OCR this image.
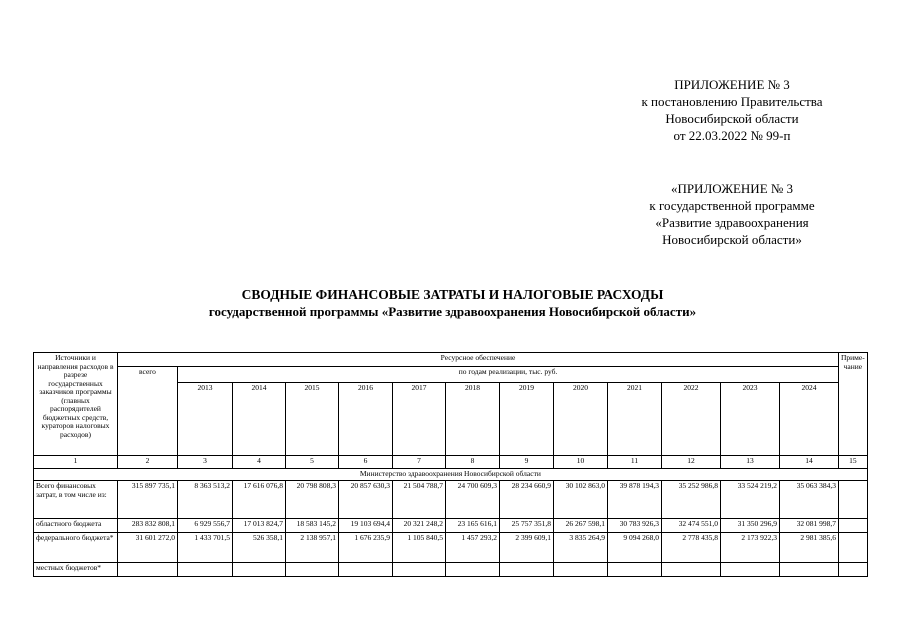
ПРИЛОЖЕНИЕ № 3
к постановлению Правительства
Новосибирской области
от 22.03.2022 № 99-п
«ПРИЛОЖЕНИЕ № 3
к государственной программе
«Развитие здравоохранения
Новосибирской области»
СВОДНЫЕ ФИНАНСОВЫЕ ЗАТРАТЫ И НАЛОГОВЫЕ РАСХОДЫ
государственной программы «Развитие здравоохранения Новосибирской области»
Источники и направления расходов в разрезе государственных заказчиков программы (главных распорядителей бюджетных средств, кураторов налоговых расходов)	Ресурсное обеспечение													Приме-чание
	всего	по годам реализации, тыс. руб.												
		2013	2014	2015	2016	2017	2018	2019	2020	2021	2022	2023	2024	
1	2	3	4	5	6	7	8	9	10	11	12	13	14	15
Министерство здравоохранения Новосибирской области														
Всего финансовых затрат, в том числе из:	315 897 735,1	8 363 513,2	17 616 076,8	20 798 808,3	20 857 630,3	21 504 788,7	24 700 609,3	28 234 660,9	30 102 863,0	39 878 194,3	35 252 986,8	33 524 219,2	35 063 384,3	
областного бюджета	283 832 808,1	6 929 556,7	17 013 824,7	18 583 145,2	19 103 694,4	20 321 248,2	23 165 616,1	25 757 351,8	26 267 598,1	30 783 926,3	32 474 551,0	31 350 296,9	32 081 998,7	
федерального бюджета*	31 601 272,0	1 433 701,5	526 358,1	2 138 957,1	1 676 235,9	1 105 840,5	1 457 293,2	2 399 609,1	3 835 264,9	9 094 268,0	2 778 435,8	2 173 922,3	2 981 385,6	
местных бюджетов*														
